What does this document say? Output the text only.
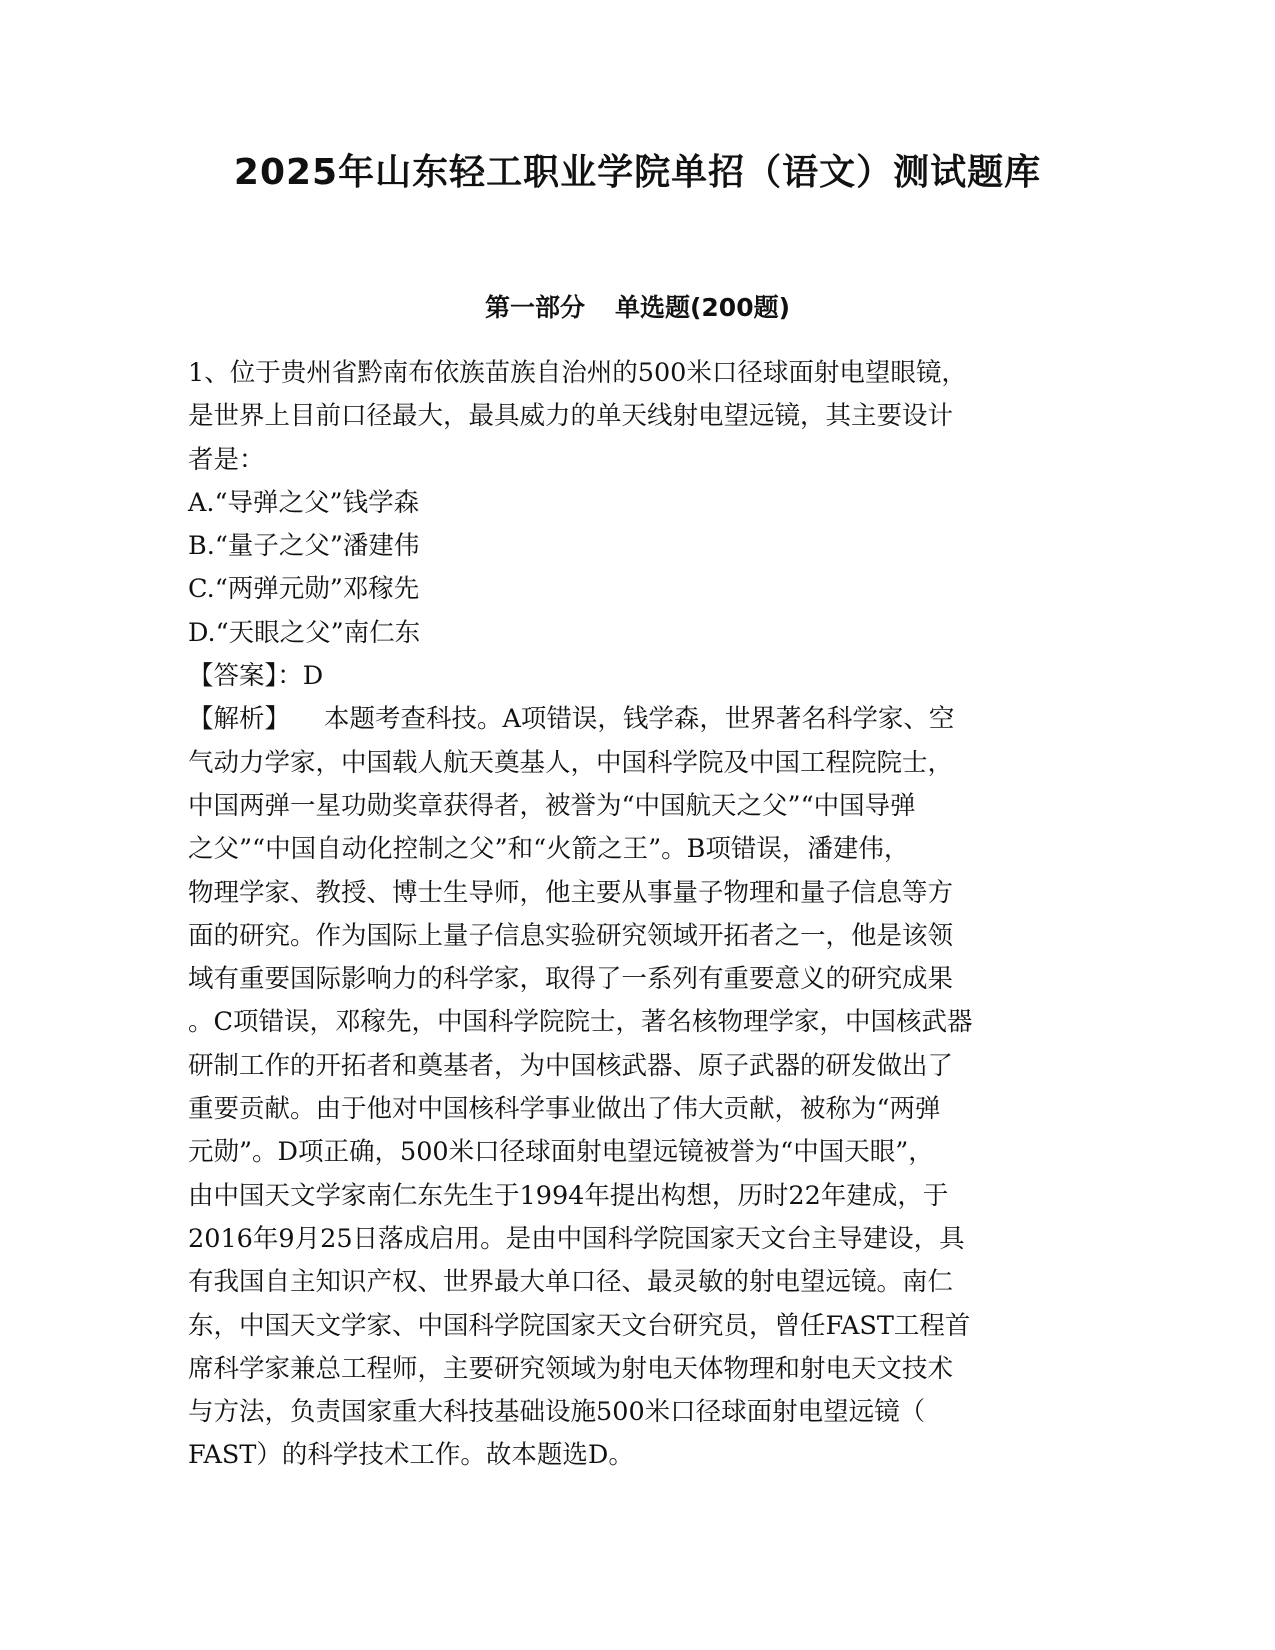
2025年山东轻工职业学院单招（语文）测试题库
第一部分 单选题(200题)
1、位于贵州省黔南布依族苗族自治州的500米口径球面射电望眼镜，
是世界上目前口径最大，最具威力的单天线射电望远镜，其主要设计
者是：
A.“导弹之父”钱学森
B.“量子之父”潘建伟
C.“两弹元勋”邓稼先
D.“天眼之父”南仁东
【答案】：D
【解析】 本题考查科技。A项错误，钱学森，世界著名科学家、空
气动力学家，中国载人航天奠基人，中国科学院及中国工程院院士，
中国两弹一星功勋奖章获得者，被誉为“中国航天之父”“中国导弹
之父”“中国自动化控制之父”和“火箭之王”。B项错误，潘建伟，
物理学家、教授、博士生导师，他主要从事量子物理和量子信息等方
面的研究。作为国际上量子信息实验研究领域开拓者之一，他是该领
域有重要国际影响力的科学家，取得了一系列有重要意义的研究成果
。C项错误，邓稼先，中国科学院院士，著名核物理学家，中国核武器
研制工作的开拓者和奠基者，为中国核武器、原子武器的研发做出了
重要贡献。由于他对中国核科学事业做出了伟大贡献，被称为“两弹
元勋”。D项正确，500米口径球面射电望远镜被誉为“中国天眼”，
由中国天文学家南仁东先生于1994年提出构想，历时22年建成，于
2016年9月25日落成启用。是由中国科学院国家天文台主导建设，具
有我国自主知识产权、世界最大单口径、最灵敏的射电望远镜。南仁
东，中国天文学家、中国科学院国家天文台研究员，曾任FAST工程首
席科学家兼总工程师，主要研究领域为射电天体物理和射电天文技术
与方法，负责国家重大科技基础设施500米口径球面射电望远镜（
FAST）的科学技术工作。故本题选D。
